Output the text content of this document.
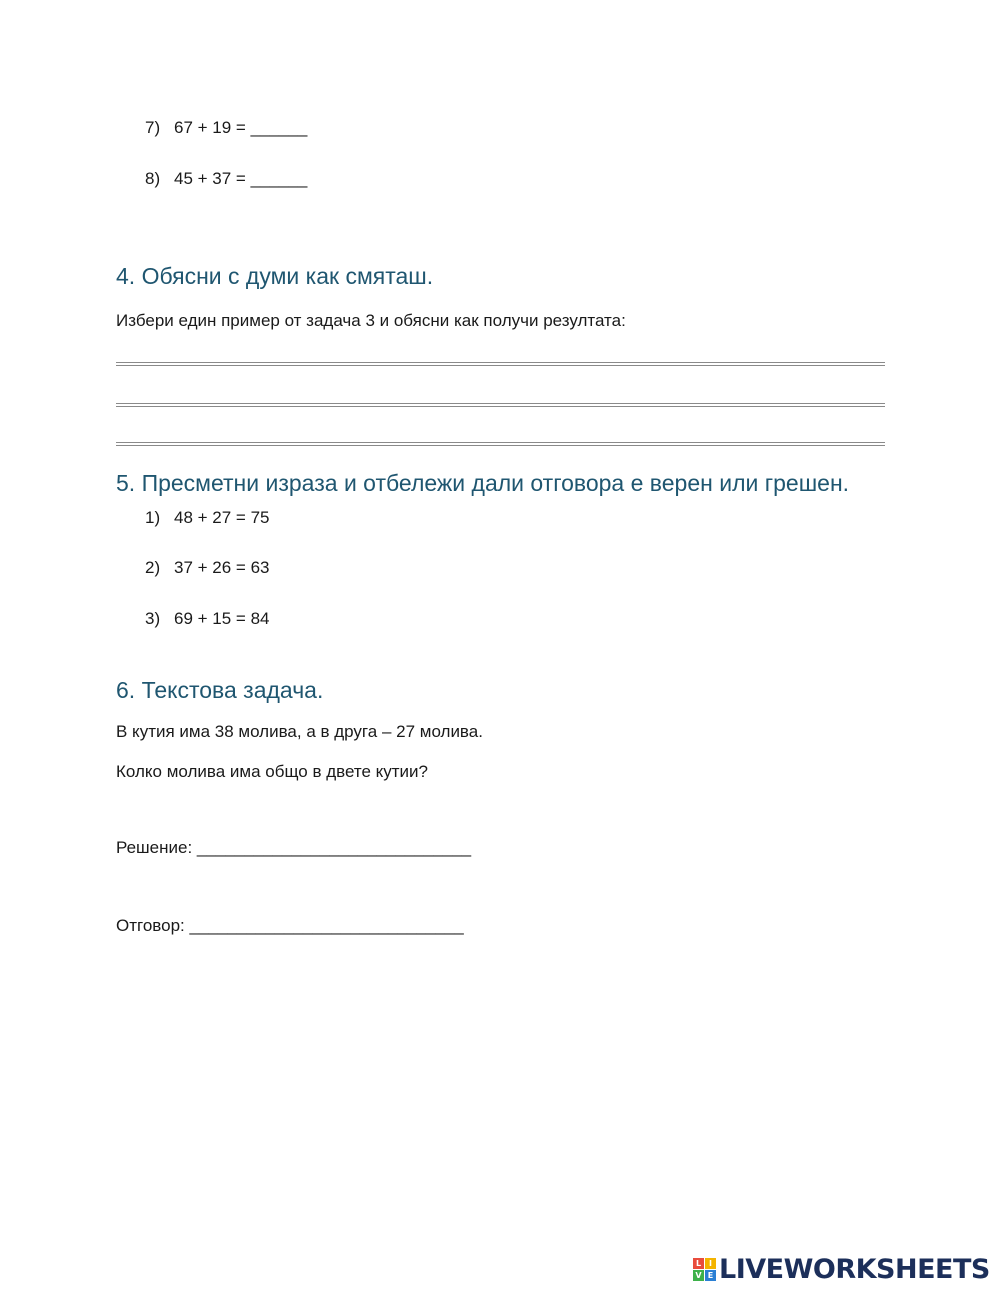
7) 67 + 19 = ______
8) 45 + 37 = ______
4. Обясни с думи как смяташ.
Избери един пример от задача 3 и обясни как получи резултата:
5. Пресметни израза и отбележи дали отговора е верен или грешен.
1) 48 + 27 = 75
2) 37 + 26 = 63
3) 69 + 15 = 84
6. Текстова задача.
В кутия има 38 молива, а в друга – 27 молива.
Колко молива има общо в двете кутии?
Решение: _____________________________
Отговор: _____________________________
L I
V E LIVEWORKSHEETS
